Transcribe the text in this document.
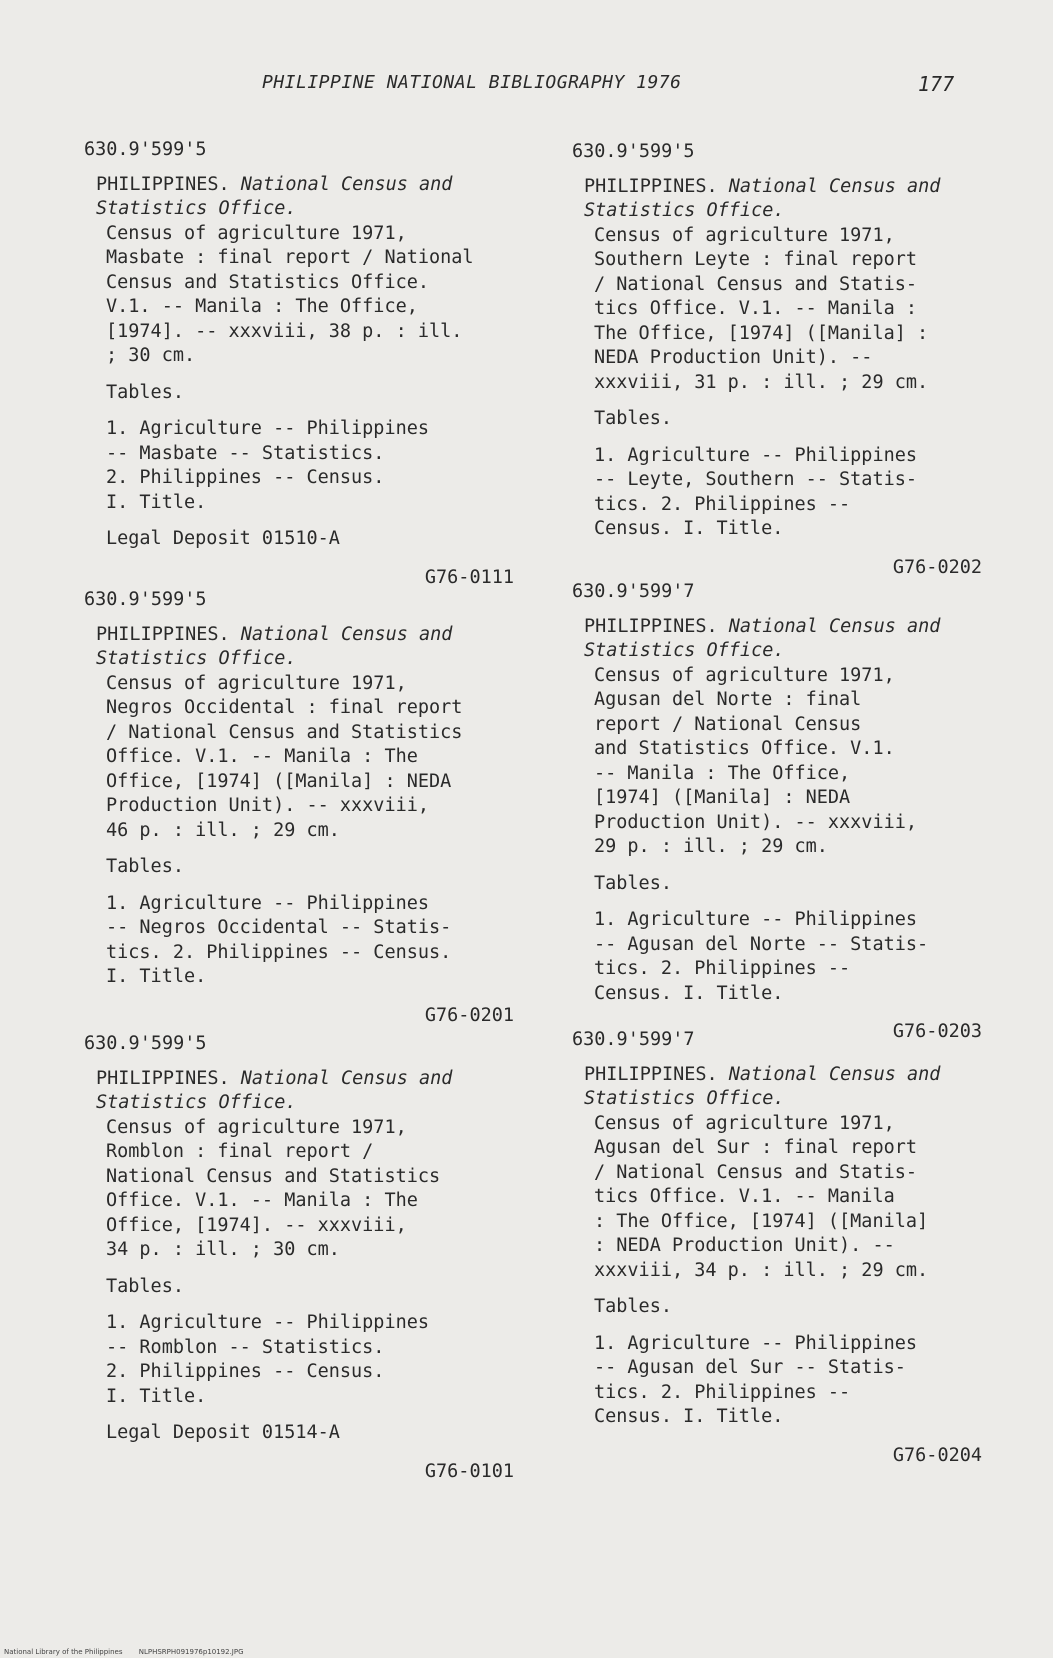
PHILIPPINE NATIONAL BIBLIOGRAPHY 1976	177
630.9'599'5
PHILIPPINES. National Census and Statistics Office.
Census of agriculture 1971,
Masbate : final report / National
Census and Statistics Office.
V.1. -- Manila : The Office,
[1974]. -- xxxviii, 38 p. : ill.
; 30 cm.
Tables.
1. Agriculture -- Philippines
-- Masbate -- Statistics.
2. Philippines -- Census.
I. Title.
Legal Deposit 01510-A
G76-0111
630.9'599'5
PHILIPPINES. National Census and Statistics Office.
Census of agriculture 1971,
Negros Occidental : final report
/ National Census and Statistics
Office. V.1. -- Manila : The
Office, [1974] ([Manila] : NEDA
Production Unit). -- xxxviii,
46 p. : ill. ; 29 cm.
Tables.
1. Agriculture -- Philippines
-- Negros Occidental -- Statis-
tics. 2. Philippines -- Census.
I. Title.
G76-0201
630.9'599'5
PHILIPPINES. National Census and Statistics Office.
Census of agriculture 1971,
Romblon : final report /
National Census and Statistics
Office. V.1. -- Manila : The
Office, [1974]. -- xxxviii,
34 p. : ill. ; 30 cm.
Tables.
1. Agriculture -- Philippines
-- Romblon -- Statistics.
2. Philippines -- Census.
I. Title.
Legal Deposit 01514-A
G76-0101
630.9'599'5
PHILIPPINES. National Census and Statistics Office.
Census of agriculture 1971,
Southern Leyte : final report
/ National Census and Statis-
tics Office. V.1. -- Manila :
The Office, [1974] ([Manila] :
NEDA Production Unit). --
xxxviii, 31 p. : ill. ; 29 cm.
Tables.
1. Agriculture -- Philippines
-- Leyte, Southern -- Statis-
tics. 2. Philippines --
Census. I. Title.
G76-0202
630.9'599'7
PHILIPPINES. National Census and Statistics Office.
Census of agriculture 1971,
Agusan del Norte : final
report / National Census
and Statistics Office. V.1.
-- Manila : The Office,
[1974] ([Manila] : NEDA
Production Unit). -- xxxviii,
29 p. : ill. ; 29 cm.
Tables.
1. Agriculture -- Philippines
-- Agusan del Norte -- Statis-
tics. 2. Philippines --
Census. I. Title.
G76-0203
630.9'599'7
PHILIPPINES. National Census and Statistics Office.
Census of agriculture 1971,
Agusan del Sur : final report
/ National Census and Statis-
tics Office. V.1. -- Manila
: The Office, [1974] ([Manila]
: NEDA Production Unit). --
xxxviii, 34 p. : ill. ; 29 cm.
Tables.
1. Agriculture -- Philippines
-- Agusan del Sur -- Statis-
tics. 2. Philippines --
Census. I. Title.
G76-0204
National Library of the Philippines NLPHSRPH091976p10192.JPG
